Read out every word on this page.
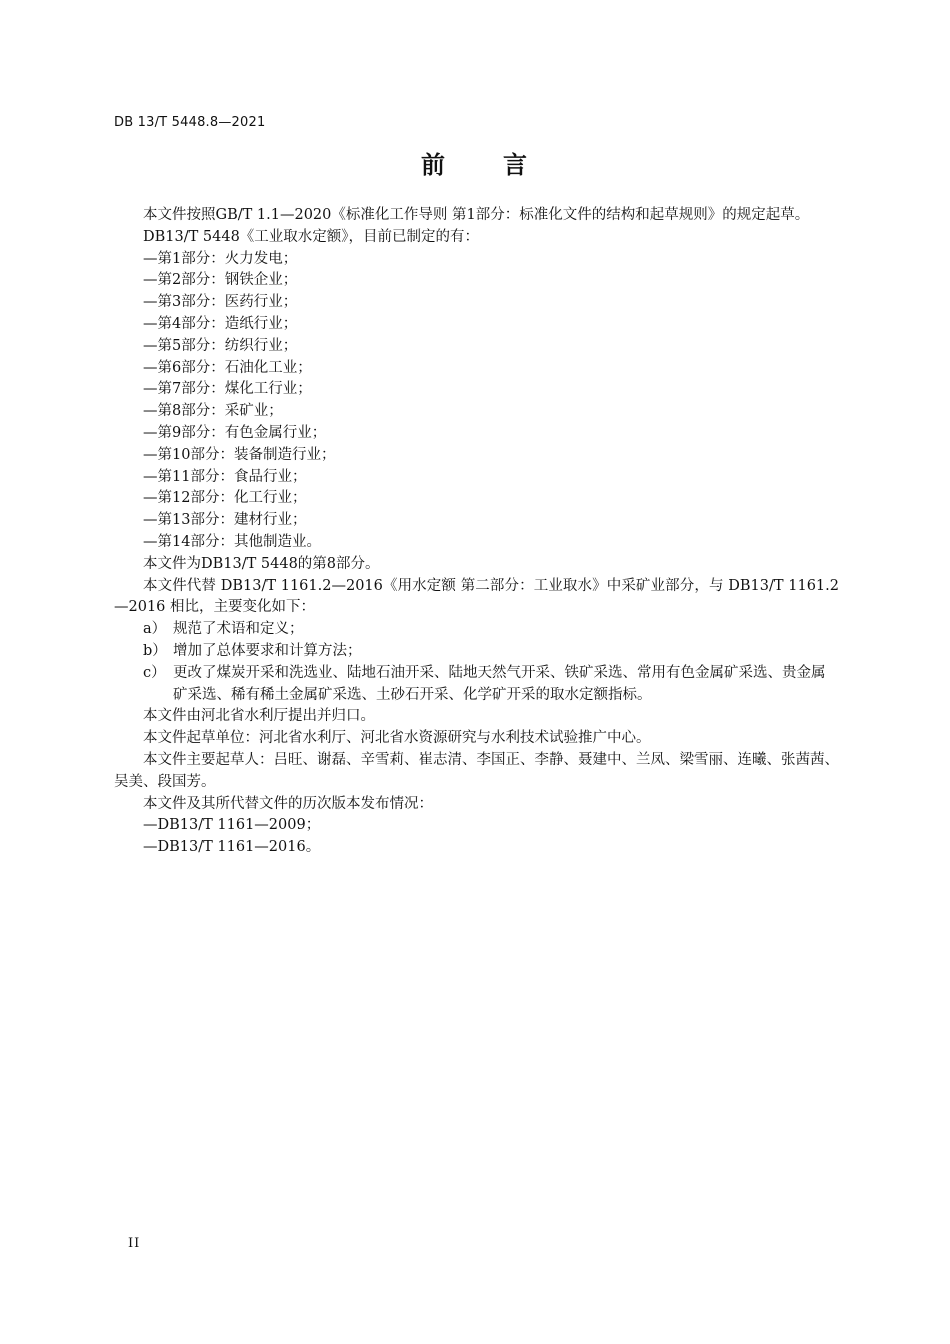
DB 13/T 5448.8—2021
前 言

本文件按照GB/T 1.1—2020《标准化工作导则 第1部分：标准化文件的结构和起草规则》的规定起草。

DB13/T 5448《工业取水定额》，目前已制定的有：

—第1部分：火力发电；

—第2部分：钢铁企业；

—第3部分：医药行业；

—第4部分：造纸行业；

—第5部分：纺织行业；

—第6部分：石油化工业；

—第7部分：煤化工行业；

—第8部分：采矿业；

—第9部分：有色金属行业；

—第10部分：装备制造行业；

—第11部分：食品行业；

—第12部分：化工行业；

—第13部分：建材行业；

—第14部分：其他制造业。

本文件为DB13/T 5448的第8部分。

本文件代替 DB13/T 1161.2—2016《用水定额 第二部分：工业取水》中采矿业部分，与 DB13/T 1161.2—2016 相比，主要变化如下：

a） 规范了术语和定义；

b） 增加了总体要求和计算方法；

c） 更改了煤炭开采和洗选业、陆地石油开采、陆地天然气开采、铁矿采选、常用有色金属矿采选、贵金属矿采选、稀有稀土金属矿采选、土砂石开采、化学矿开采的取水定额指标。

本文件由河北省水利厅提出并归口。

本文件起草单位：河北省水利厅、河北省水资源研究与水利技术试验推广中心。

本文件主要起草人：吕旺、谢磊、辛雪莉、崔志清、李国正、李静、聂建中、兰凤、梁雪丽、连曦、张茜茜、吴美、段国芳。

本文件及其所代替文件的历次版本发布情况：

—DB13/T 1161—2009；

—DB13/T 1161—2016。

II
